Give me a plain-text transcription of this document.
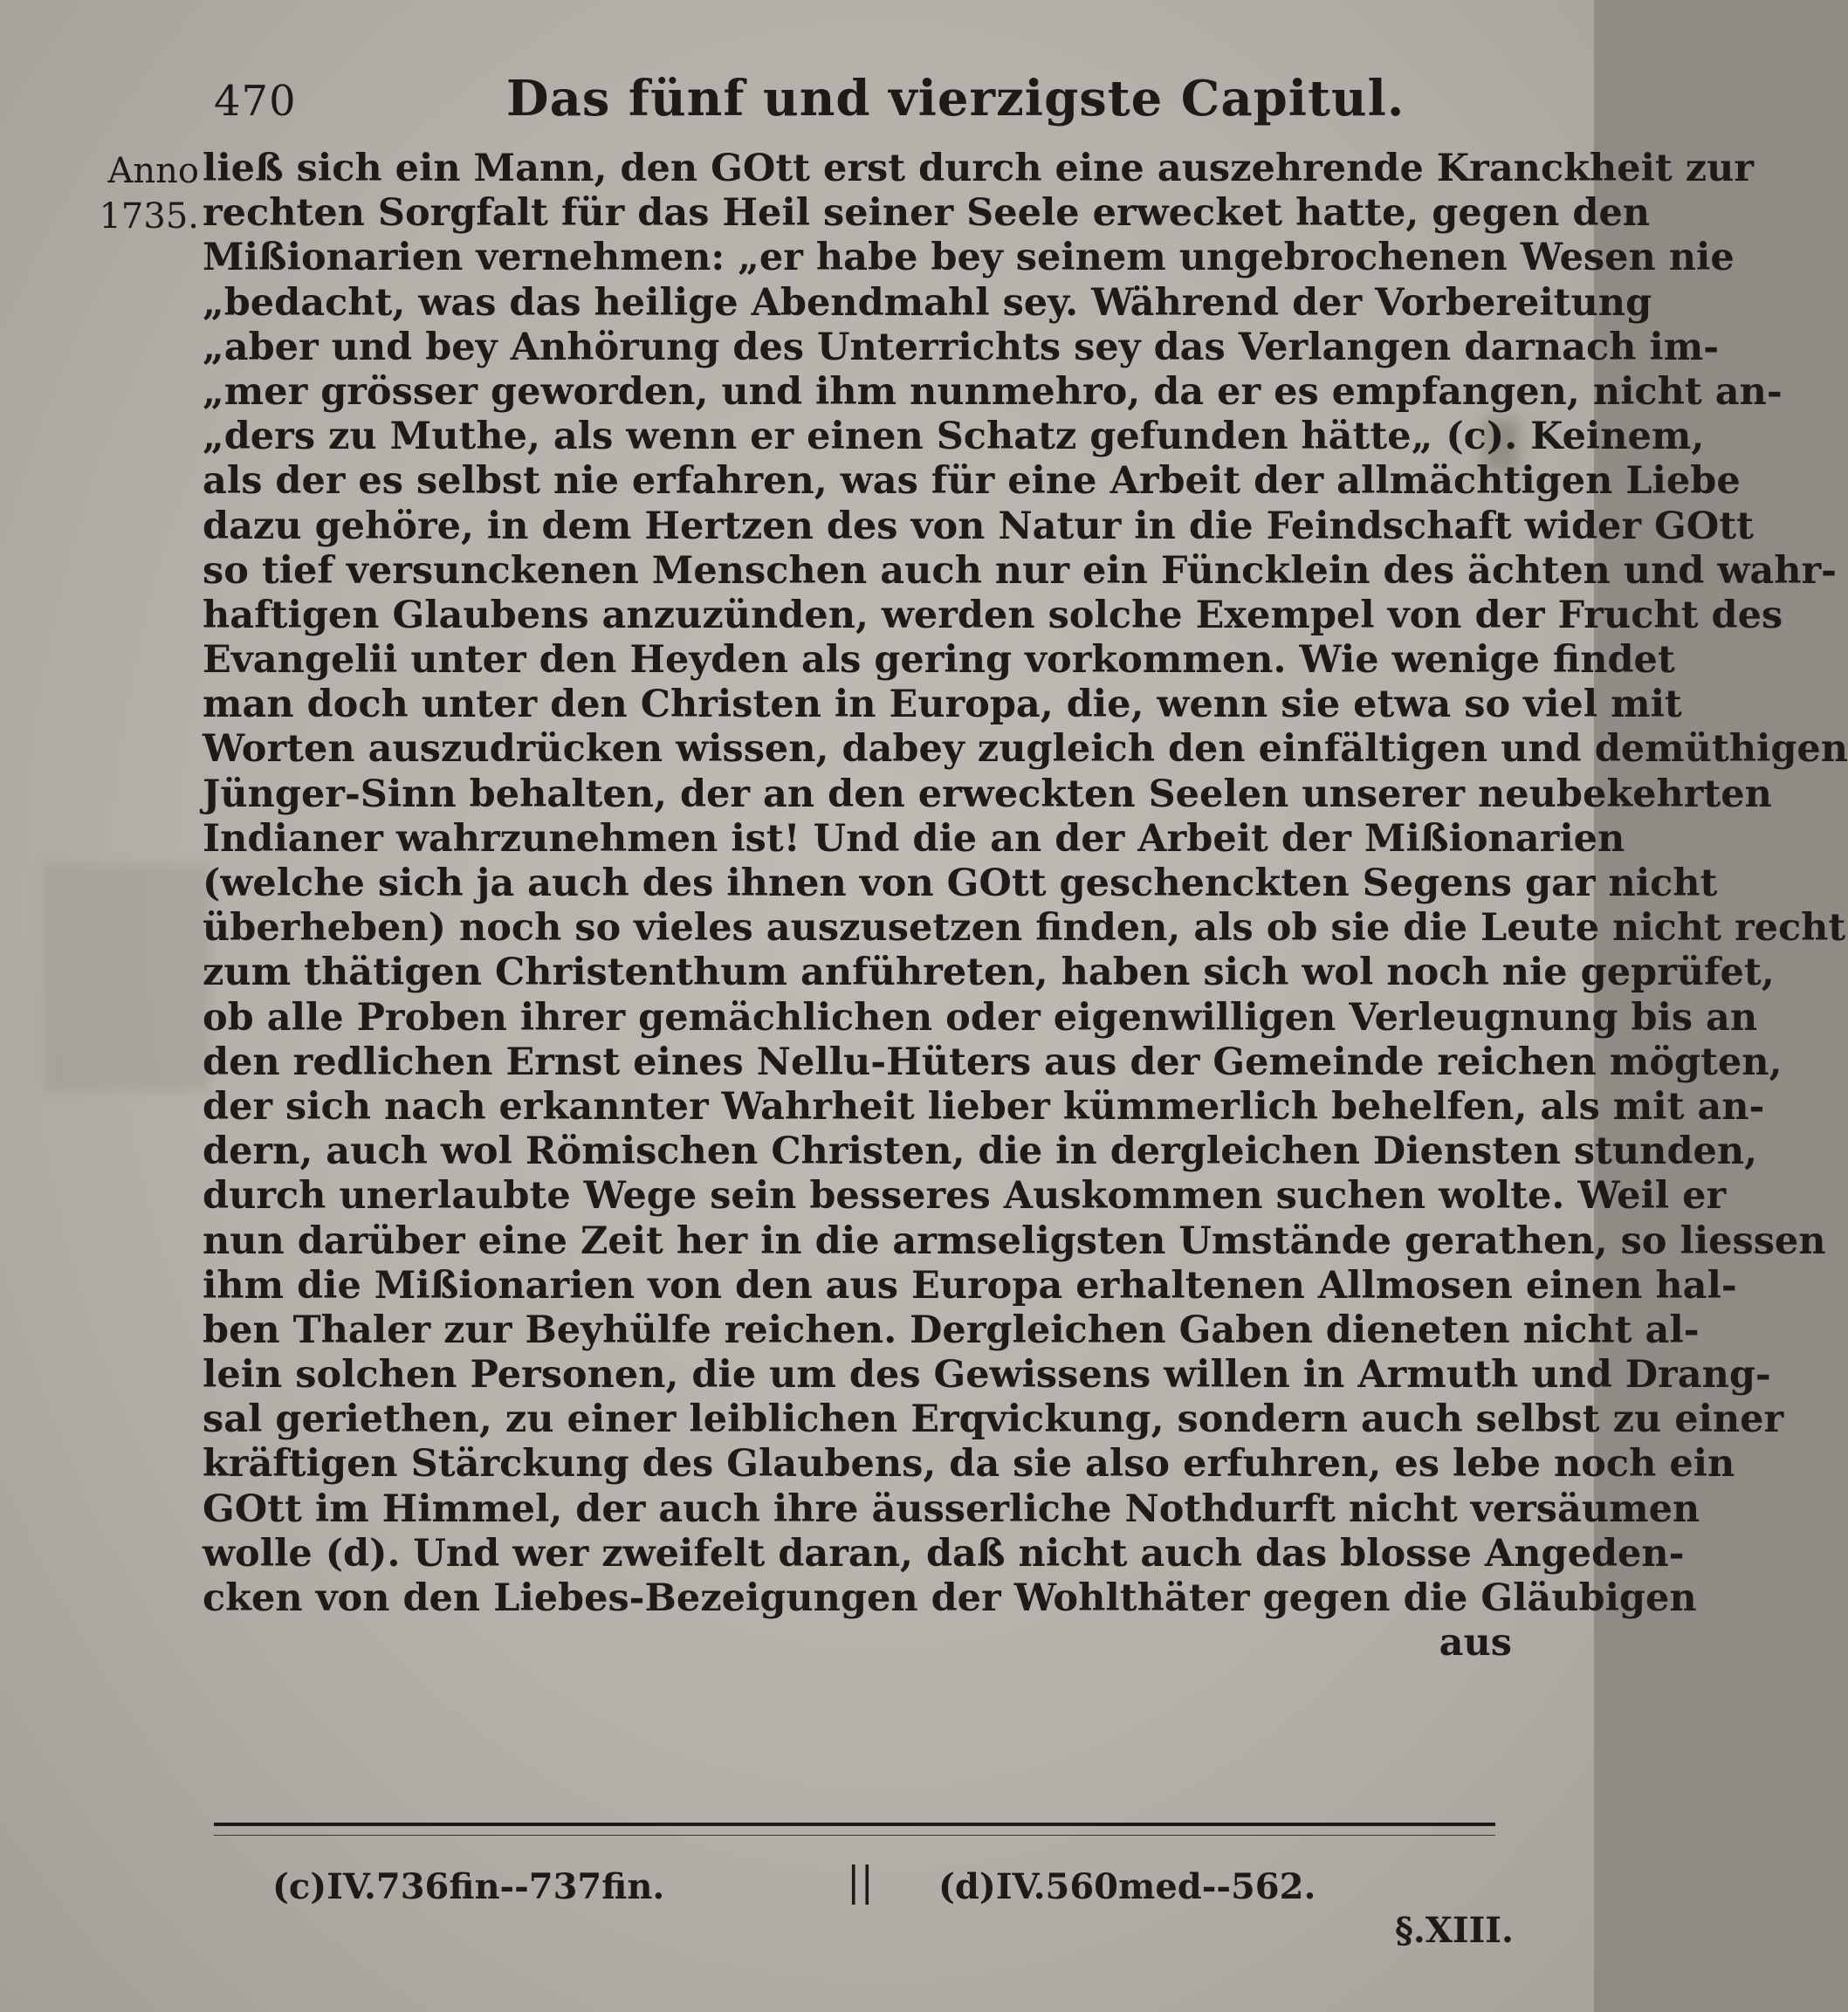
470	Das fünf und vierzigste Capitul.
Anno
1735.
ließ sich ein Mann, den GOtt erst durch eine auszehrende Kranckheit zur
rechten Sorgfalt für das Heil seiner Seele erwecket hatte, gegen den
Mißionarien vernehmen: „er habe bey seinem ungebrochenen Wesen nie
„bedacht, was das heilige Abendmahl sey. Während der Vorbereitung
„aber und bey Anhörung des Unterrichts sey das Verlangen darnach im-
„mer grösser geworden, und ihm nunmehro, da er es empfangen, nicht an-
„ders zu Muthe, als wenn er einen Schatz gefunden hätte„ (c). Keinem,
als der es selbst nie erfahren, was für eine Arbeit der allmächtigen Liebe
dazu gehöre, in dem Hertzen des von Natur in die Feindschaft wider GOtt
so tief versunckenen Menschen auch nur ein Füncklein des ächten und wahr-
haftigen Glaubens anzuzünden, werden solche Exempel von der Frucht des
Evangelii unter den Heyden als gering vorkommen. Wie wenige findet
man doch unter den Christen in Europa, die, wenn sie etwa so viel mit
Worten auszudrücken wissen, dabey zugleich den einfältigen und demüthigen
Jünger-Sinn behalten, der an den erweckten Seelen unserer neubekehrten
Indianer wahrzunehmen ist! Und die an der Arbeit der Mißionarien
(welche sich ja auch des ihnen von GOtt geschenckten Segens gar nicht
überheben) noch so vieles auszusetzen finden, als ob sie die Leute nicht recht
zum thätigen Christenthum anführeten, haben sich wol noch nie geprüfet,
ob alle Proben ihrer gemächlichen oder eigenwilligen Verleugnung bis an
den redlichen Ernst eines Nellu-Hüters aus der Gemeinde reichen mögten,
der sich nach erkannter Wahrheit lieber kümmerlich behelfen, als mit an-
dern, auch wol Römischen Christen, die in dergleichen Diensten stunden,
durch unerlaubte Wege sein besseres Auskommen suchen wolte. Weil er
nun darüber eine Zeit her in die armseligsten Umstände gerathen, so liessen
ihm die Mißionarien von den aus Europa erhaltenen Allmosen einen hal-
ben Thaler zur Beyhülfe reichen. Dergleichen Gaben dieneten nicht al-
lein solchen Personen, die um des Gewissens willen in Armuth und Drang-
sal geriethen, zu einer leiblichen Erqvickung, sondern auch selbst zu einer
kräftigen Stärckung des Glaubens, da sie also erfuhren, es lebe noch ein
GOtt im Himmel, der auch ihre äusserliche Nothdurft nicht versäumen
wolle (d). Und wer zweifelt daran, daß nicht auch das blosse Angeden-
cken von den Liebes-Bezeigungen der Wohlthäter gegen die Gläubigen
aus
(c)IV.736fin--737fin.	|| (d)IV.560med--562.
§.XIII.
